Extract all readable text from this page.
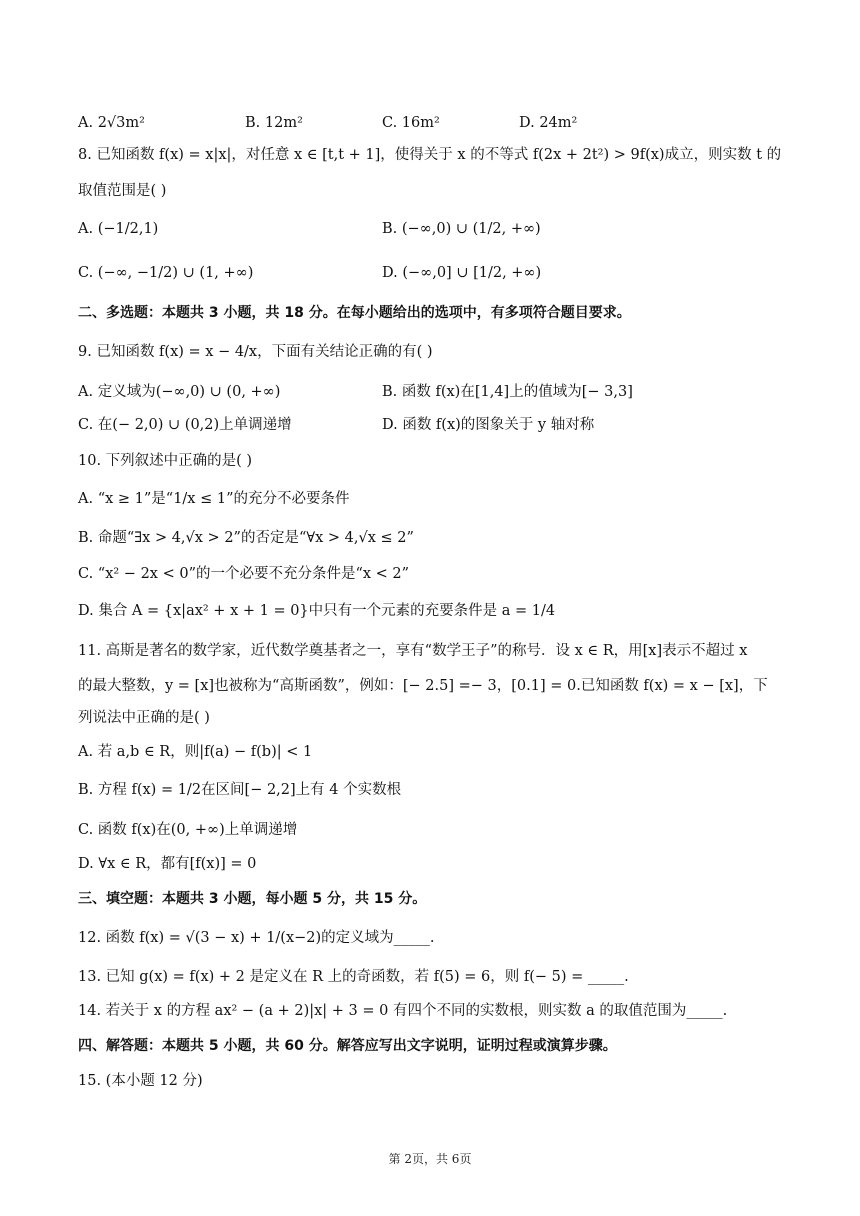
A. 2√3m²	B. 12m²	C. 16m²	D. 24m²
8. 已知函数 f(x) = x|x|，对任意 x ∈ [t,t + 1]，使得关于 x 的不等式 f(2x + 2t²) > 9f(x)成立，则实数 t 的
取值范围是( )
A. (−1/2,1)	B. (−∞,0) ∪ (1/2, +∞)
C. (−∞, −1/2) ∪ (1, +∞)	D. (−∞,0] ∪ [1/2, +∞)
二、多选题：本题共 3 小题，共 18 分。在每小题给出的选项中，有多项符合题目要求。
9. 已知函数 f(x) = x − 4/x，下面有关结论正确的有( )
A. 定义域为(−∞,0) ∪ (0, +∞)	B. 函数 f(x)在[1,4]上的值域为[− 3,3]
C. 在(− 2,0) ∪ (0,2)上单调递增	D. 函数 f(x)的图象关于 y 轴对称
10. 下列叙述中正确的是( )
A. “x ≥ 1”是“1/x ≤ 1”的充分不必要条件
B. 命题“∃x > 4,√x > 2”的否定是“∀x > 4,√x ≤ 2”
C. “x² − 2x < 0”的一个必要不充分条件是“x < 2”
D. 集合 A = {x|ax² + x + 1 = 0}中只有一个元素的充要条件是 a = 1/4
11. 高斯是著名的数学家，近代数学奠基者之一，享有“数学王子”的称号．设 x ∈ R，用[x]表示不超过 x
的最大整数，y = [x]也被称为“高斯函数”，例如：[− 2.5] =− 3，[0.1] = 0.已知函数 f(x) = x − [x]，下
列说法中正确的是( )
A. 若 a,b ∈ R，则|f(a) − f(b)| < 1
B. 方程 f(x) = 1/2在区间[− 2,2]上有 4 个实数根
C. 函数 f(x)在(0, +∞)上单调递增
D. ∀x ∈ R，都有[f(x)] = 0
三、填空题：本题共 3 小题，每小题 5 分，共 15 分。
12. 函数 f(x) = √(3 − x) + 1/(x−2)的定义域为_____.
13. 已知 g(x) = f(x) + 2 是定义在 R 上的奇函数，若 f(5) = 6，则 f(− 5) = _____.
14. 若关于 x 的方程 ax² − (a + 2)|x| + 3 = 0 有四个不同的实数根，则实数 a 的取值范围为_____.
四、解答题：本题共 5 小题，共 60 分。解答应写出文字说明，证明过程或演算步骤。
15. (本小题 12 分)
第 2页，共 6页
